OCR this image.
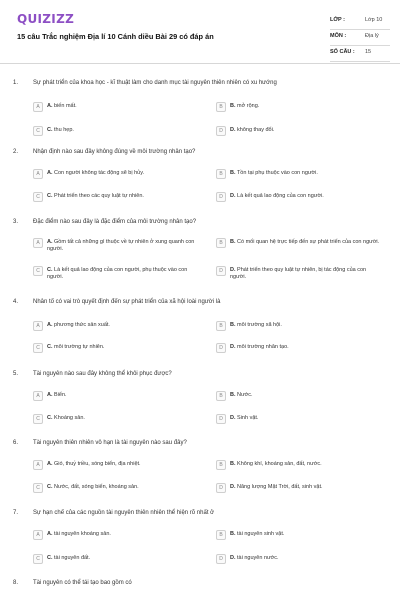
QUIZIZZ
15 câu Trắc nghiệm Địa lí 10 Cánh diều Bài 29 có đáp án
LỚP :	Lớp 10
MÔN :	Địa lý
SỐ CÂU : 15
1. Sự phát triển của khoa học - kĩ thuật làm cho danh mục tài nguyên thiên nhiên có xu hướng
A	A. biến mất.	B	B. mở rộng.
C	C. thu hẹp.	D	D. không thay đổi.
2. Nhận định nào sau đây không đúng về môi trường nhân tạo?
A	A. Con người không tác động sẽ bị hủy.	B	B. Tồn tại phụ thuộc vào con người.
C	C. Phát triển theo các quy luật tự nhiên.	D	D. Là kết quả lao động của con người.
3. Đặc điểm nào sau đây là đặc điểm của môi trường nhân tạo?
A	A. Gồm tất cả những gì thuộc về tự nhiên ở xung quanh con người.
B	B. Có mối quan hệ trực tiếp đến sự phát triển của con người.
C	C. Là kết quả lao động của con người, phụ thuộc vào con người.
D	D. Phát triển theo quy luật tự nhiên, bị tác động của con người.
4. Nhân tố có vai trò quyết định đến sự phát triển của xã hội loài người là
A	A. phương thức sản xuất.	B	B. môi trường xã hội.
C	C. môi trường tự nhiên.	D	D. môi trường nhân tạo.
5. Tài nguyên nào sau đây không thể khôi phục được?
A	A. Biển.	B	B. Nước.
C	C. Khoáng sản.	D	D. Sinh vật.
6. Tài nguyên thiên nhiên vô hạn là tài nguyên nào sau đây?
A	A. Gió, thuỷ triều, sóng biển, địa nhiệt.	B	B. Không khí, khoáng sản, đất, nước.
C	C. Nước, đất, sóng biển, khoáng sản.	D	D. Năng lượng Mặt Trời, đất, sinh vật.
7. Sự hạn chế của các nguồn tài nguyên thiên nhiên thể hiện rõ nhất ở
A	A. tài nguyên khoáng sản.	B	B. tài nguyên sinh vật.
C	C. tài nguyên đất.	D	D. tài nguyên nước.
8. Tài nguyên có thể tái tạo bao gồm có
